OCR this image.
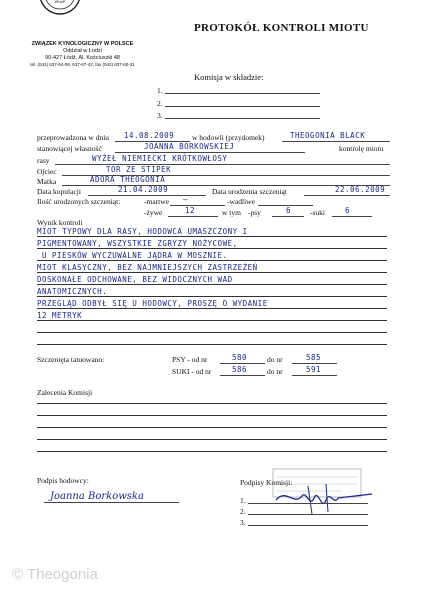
ZKwP
ZWIĄZEK KYNOLOGICZNY W POLSCE
Oddział w Łodzi
90-427 Łódź, Al. Kościuszki 48
tel. (042) 637-64-08, 637-67-42, fax (042) 637-60-31
PROTOKÓŁ KONTROLI MIOTU
Komisja w składzie:
1.
2.
3.
przeprowadzona w dniu 14.08.2009 w hodowli (przydomek)	THEOGONIA BLACK
stanowiącej własność	JOANNA BORKOWSKIEJ	kontrolę miotu
rasy	WYŻEŁ NIEMIECKI KRÓTKOWŁOSY
Ojciec	TOR ZE STIPEK
Matka	ADORA THEOGONIA
Data kopulacji	21.04.2009	Data urodzenia szczeniąt	22.06.2009
Ilość urodzonych szczeniąt:	-martwe —	-wadliwe
-żywe	12	w tym -psy	6	-suki	6
Wynik kontroli
MIOT TYPOWY DLA RASY, HODOWCA UMASZCZONY I
PIGMENTOWANY, WSZYSTKIE ZGRYZY NOŻYCOWE,
U PIESKÓW WYCZUWALNE JĄDRA W MOSZNIE.
MIOT KLASYCZNY, BEZ NAJMNIEJSZYCH ZASTRZEŻEŃ
DOSKONAŁE ODCHOWANE, BEZ WIDOCZNYCH WAD
ANATOMICZNYCH.
PRZEGLĄD ODBYŁ SIĘ U HODOWCY, PROSZĘ O WYDANIE
12 METRYK
Szczenięta tatuowano:	PSY - od nr	580	do nr	585
SUKI - od nr	586	do nr	591
Zalecenia Komisji
Podpis hodowcy:
Joanna Borkowska
Podpisy Komisji:
1.
2.
3.
© Theogonia
